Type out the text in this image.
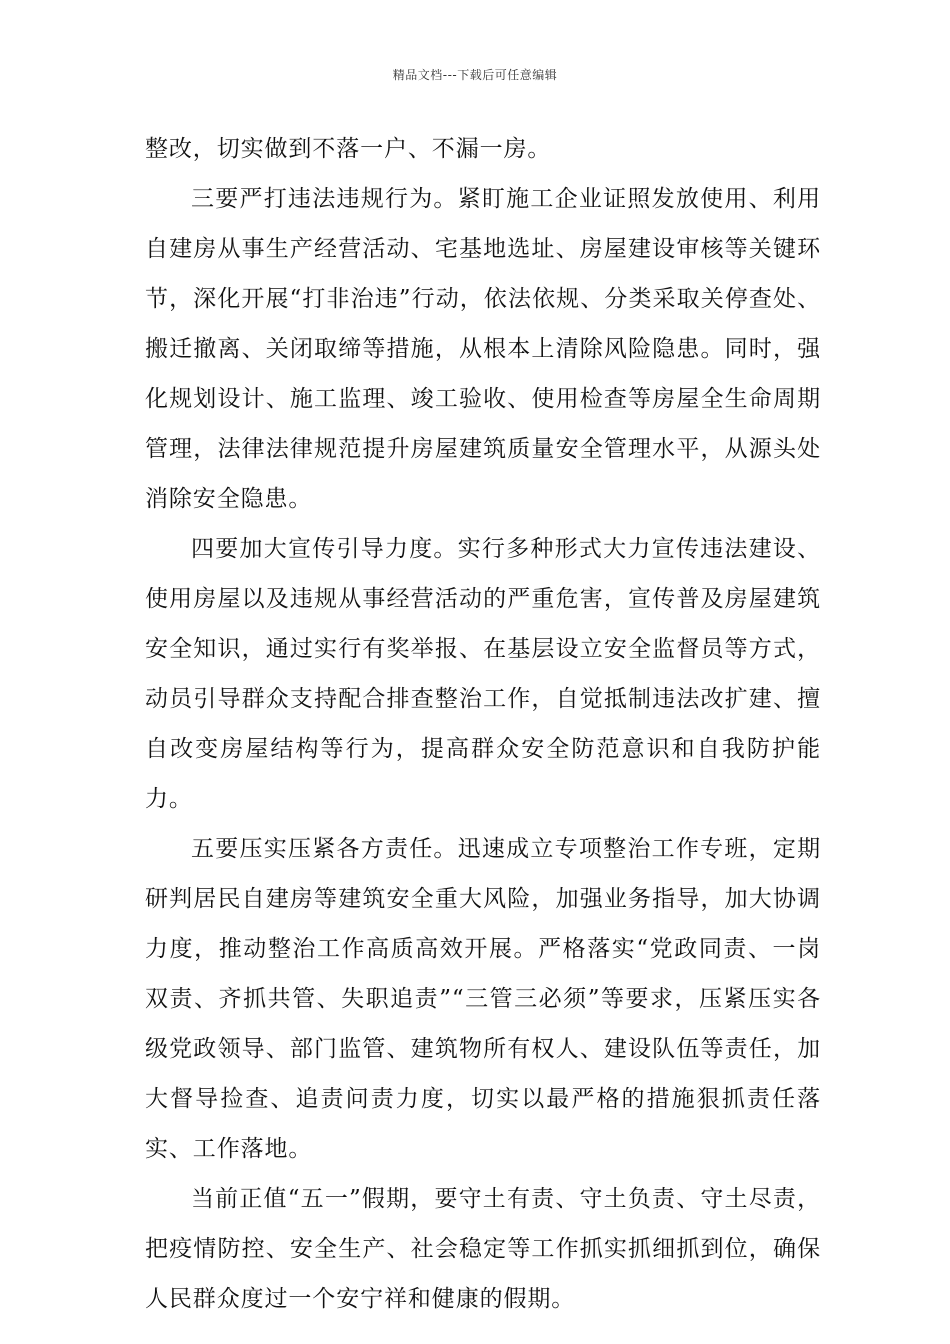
精品文档---下载后可任意编辑

整改，切实做到不落一户、不漏一房。

三要严打违法违规行为。紧盯施工企业证照发放使用、利用自建房从事生产经营活动、宅基地选址、房屋建设审核等关键环节，深化开展“打非治违”行动，依法依规、分类采取关停查处、搬迁撤离、关闭取缔等措施，从根本上清除风险隐患。同时，强化规划设计、施工监理、竣工验收、使用检查等房屋全生命周期管理，法律法律规范提升房屋建筑质量安全管理水平，从源头处消除安全隐患。

四要加大宣传引导力度。实行多种形式大力宣传违法建设、使用房屋以及违规从事经营活动的严重危害，宣传普及房屋建筑安全知识，通过实行有奖举报、在基层设立安全监督员等方式，动员引导群众支持配合排查整治工作，自觉抵制违法改扩建、擅自改变房屋结构等行为，提高群众安全防范意识和自我防护能力。

五要压实压紧各方责任。迅速成立专项整治工作专班，定期研判居民自建房等建筑安全重大风险，加强业务指导，加大协调力度，推动整治工作高质高效开展。严格落实“党政同责、一岗双责、齐抓共管、失职追责”“三管三必须”等要求，压紧压实各级党政领导、部门监管、建筑物所有权人、建设队伍等责任，加大督导捡查、追责问责力度，切实以最严格的措施狠抓责任落实、工作落地。

当前正值“五一”假期，要守土有责、守土负责、守土尽责，把疫情防控、安全生产、社会稳定等工作抓实抓细抓到位，确保人民群众度过一个安宁祥和健康的假期。
